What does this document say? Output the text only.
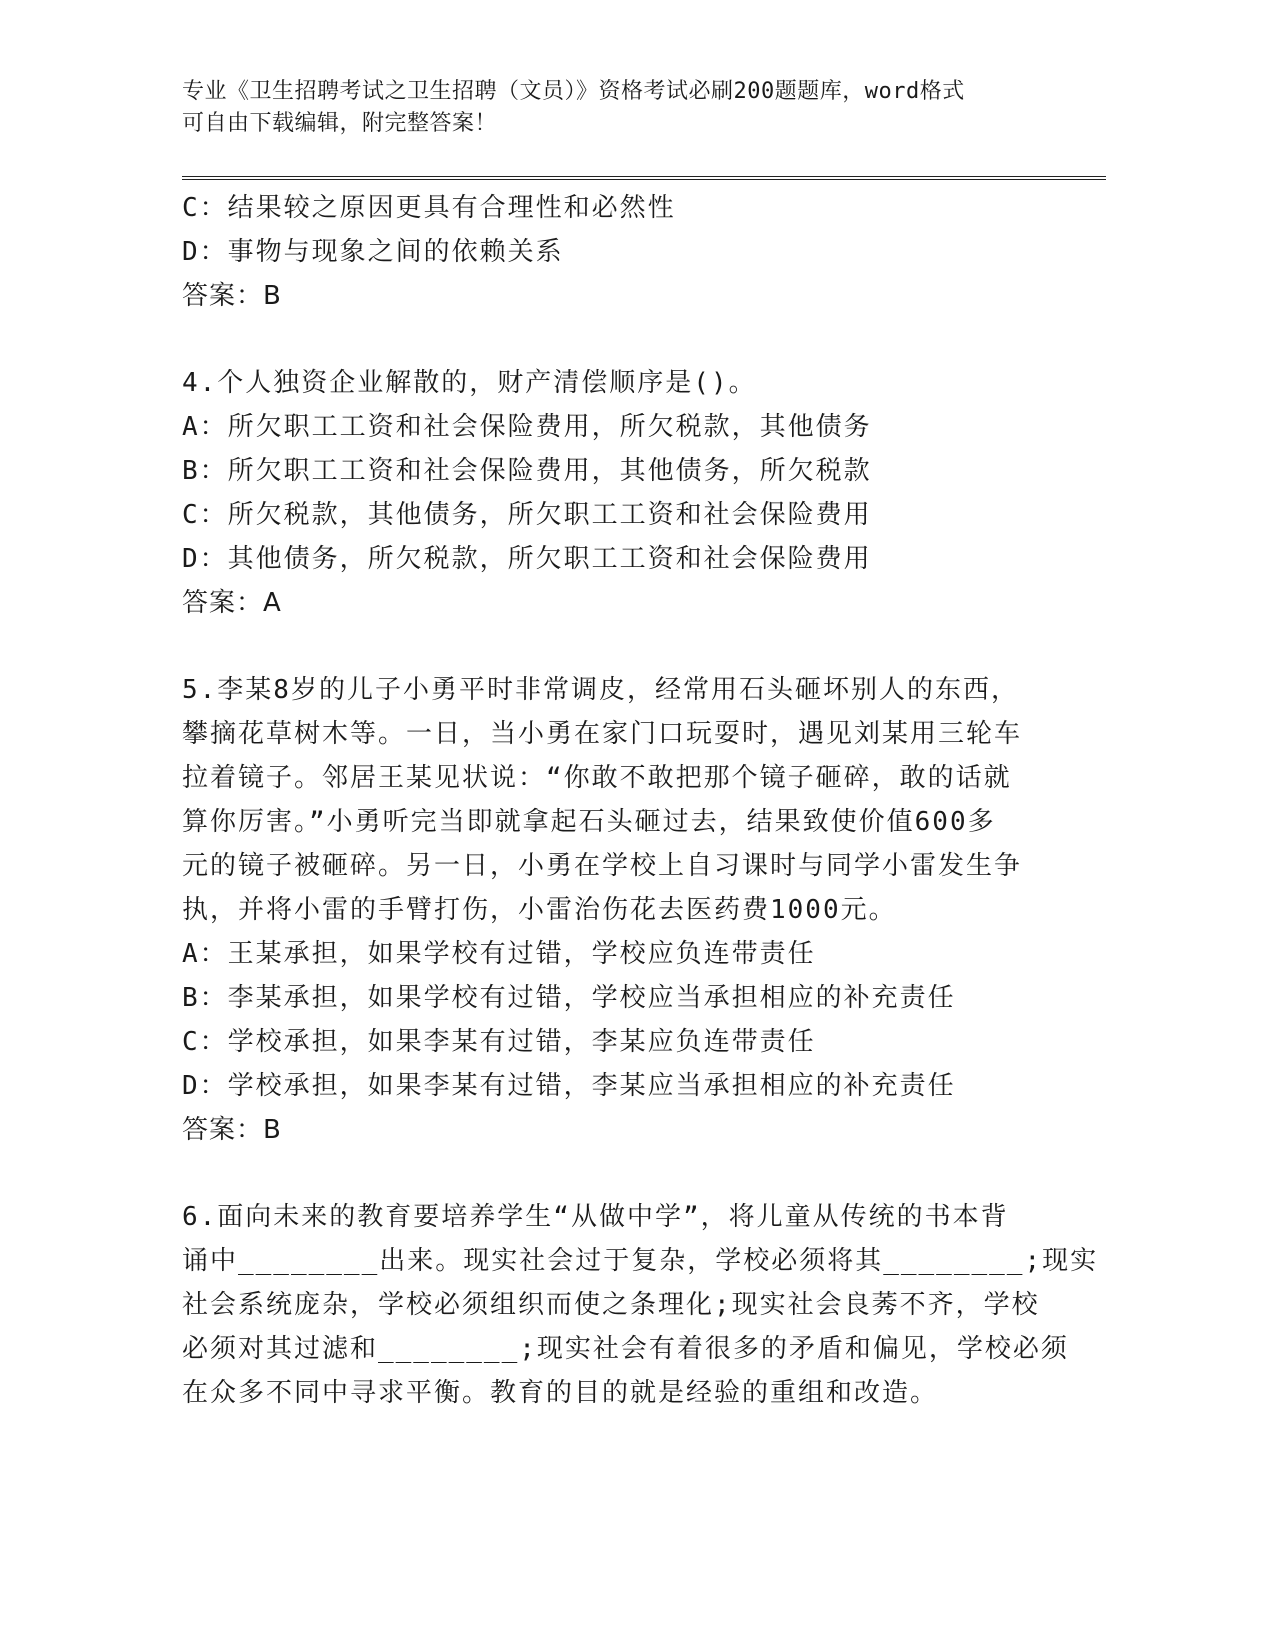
专业《卫生招聘考试之卫生招聘（文员）》资格考试必刷200题题库，word格式
可自由下载编辑，附完整答案！
C：结果较之原因更具有合理性和必然性
D：事物与现象之间的依赖关系
答案：B
4.个人独资企业解散的，财产清偿顺序是()。
A：所欠职工工资和社会保险费用，所欠税款，其他债务
B：所欠职工工资和社会保险费用，其他债务，所欠税款
C：所欠税款，其他债务，所欠职工工资和社会保险费用
D：其他债务，所欠税款，所欠职工工资和社会保险费用
答案：A
5.李某8岁的儿子小勇平时非常调皮，经常用石头砸坏别人的东西，
攀摘花草树木等。一日，当小勇在家门口玩耍时，遇见刘某用三轮车
拉着镜子。邻居王某见状说：“你敢不敢把那个镜子砸碎，敢的话就
算你厉害。”小勇听完当即就拿起石头砸过去，结果致使价值600多
元的镜子被砸碎。另一日，小勇在学校上自习课时与同学小雷发生争
执，并将小雷的手臂打伤，小雷治伤花去医药费1000元。
A：王某承担，如果学校有过错，学校应负连带责任
B：李某承担，如果学校有过错，学校应当承担相应的补充责任
C：学校承担，如果李某有过错，李某应负连带责任
D：学校承担，如果李某有过错，李某应当承担相应的补充责任
答案：B
6.面向未来的教育要培养学生“从做中学”，将儿童从传统的书本背
诵中________出来。现实社会过于复杂，学校必须将其________;现实
社会系统庞杂，学校必须组织而使之条理化;现实社会良莠不齐，学校
必须对其过滤和________;现实社会有着很多的矛盾和偏见，学校必须
在众多不同中寻求平衡。教育的目的就是经验的重组和改造。
